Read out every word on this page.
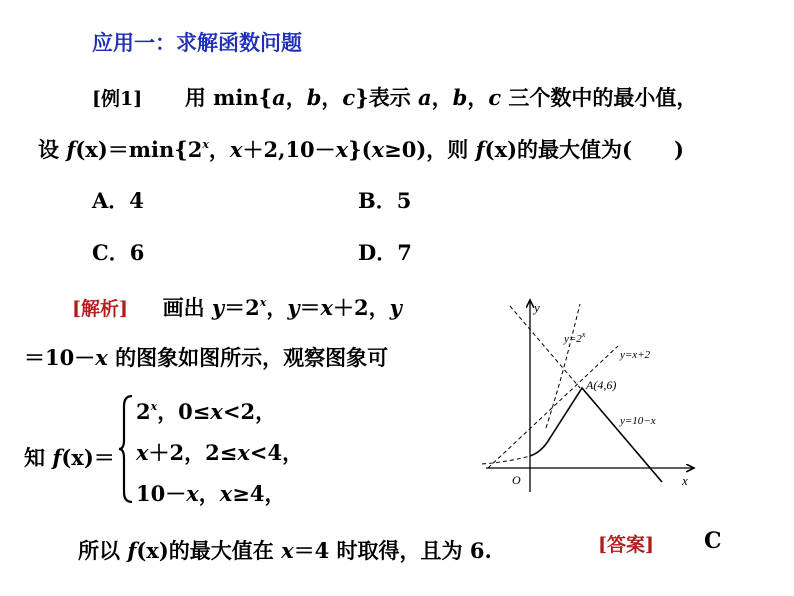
应用一：求解函数问题
[例1] 用 min{a，b，c}表示 a，b，c 三个数中的最小值，
设 $f(x)=\min\{2^x$，x＋2,10－x}(x≥0)，则 f(x)的最大值为(　　)
A．4	B．5
C．6	D．7
[解析] 画出 $y=2^x$，y＝x＋2，y
＝10－x 的图象如图所示，观察图象可
知 f(x)＝
$2^x$，0≤x<2，
x＋2，2≤x<4，
10－x，x≥4，
所以 f(x)的最大值在 x＝4 时取得，且为 6.	[答案] C
y
x
O
$y=2^x$
y=x+2
A(4,6)
y=10−x
